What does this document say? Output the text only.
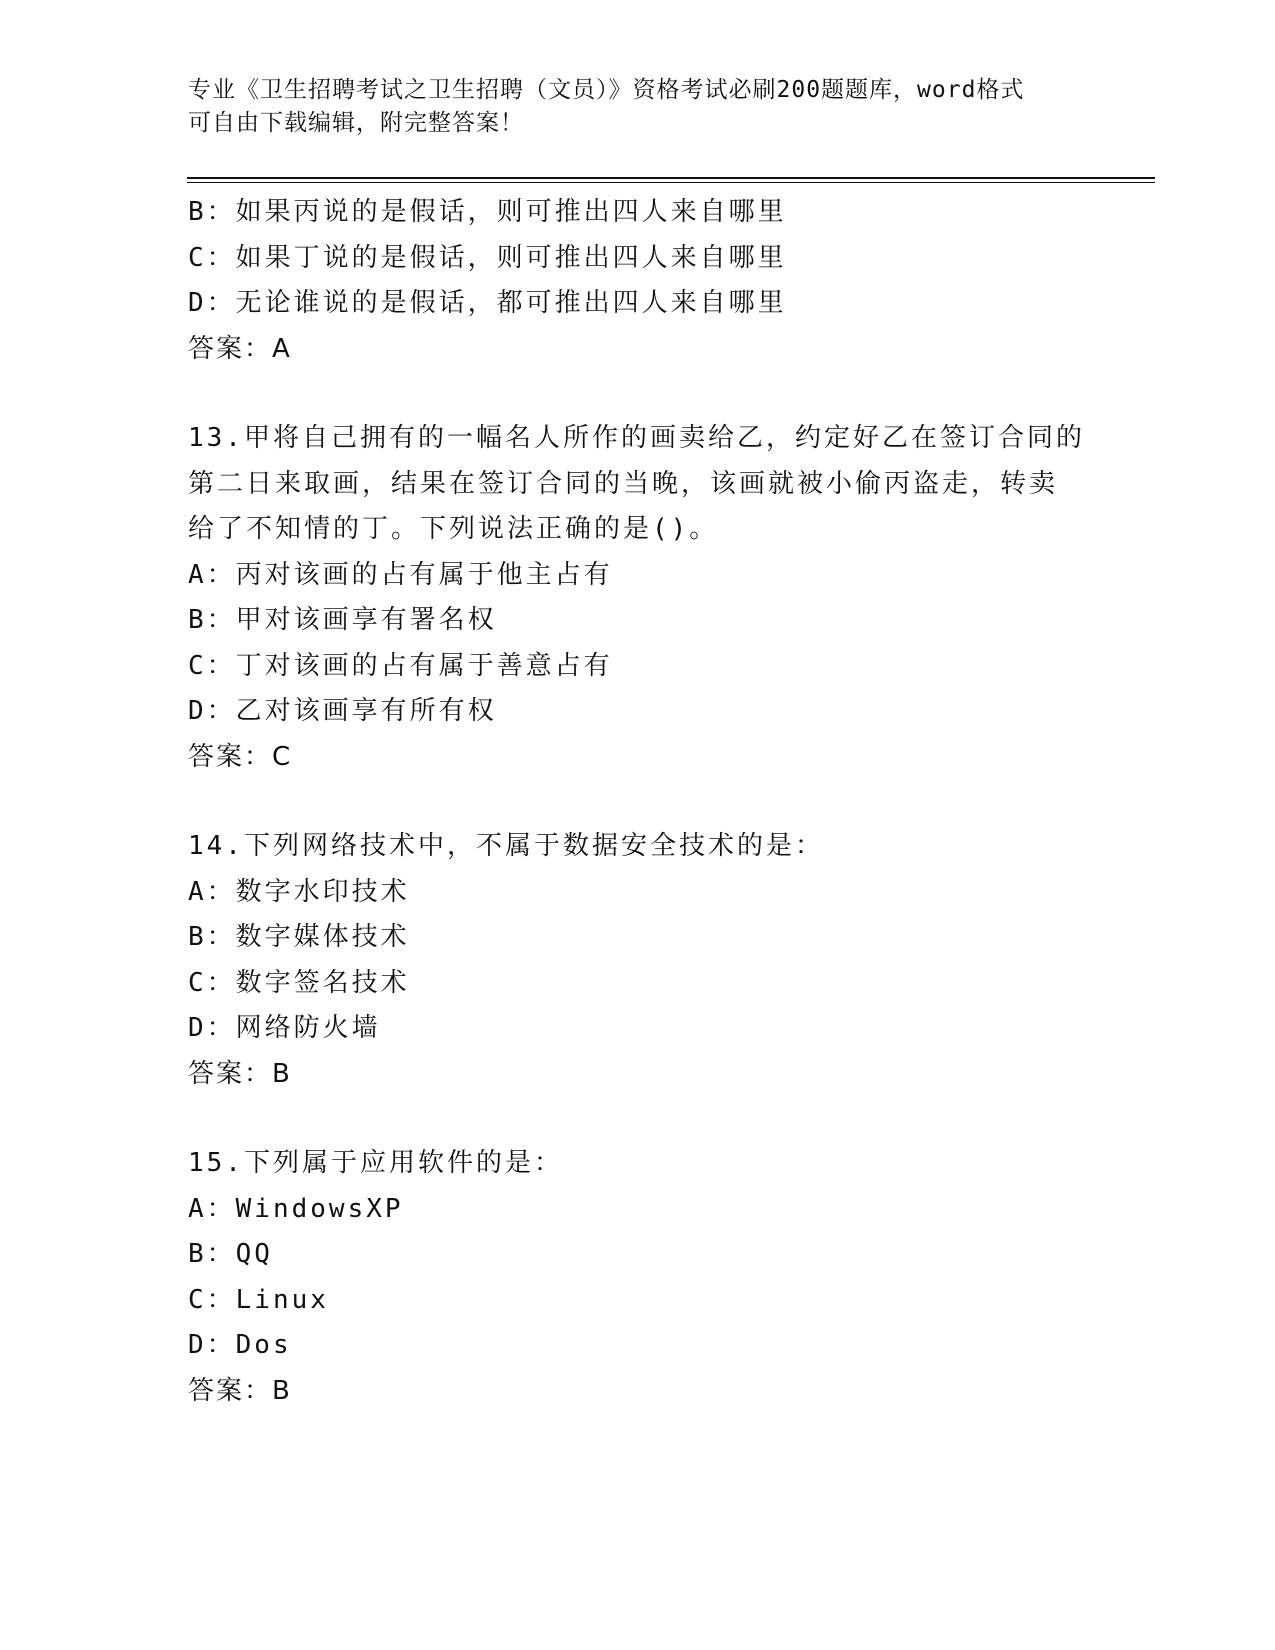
专业《卫生招聘考试之卫生招聘（文员）》资格考试必刷200题题库，word格式
可自由下载编辑，附完整答案！
B：如果丙说的是假话，则可推出四人来自哪里
C：如果丁说的是假话，则可推出四人来自哪里
D：无论谁说的是假话，都可推出四人来自哪里
答案：A
13.甲将自己拥有的一幅名人所作的画卖给乙，约定好乙在签订合同的
第二日来取画，结果在签订合同的当晚，该画就被小偷丙盗走，转卖
给了不知情的丁。下列说法正确的是()。
A：丙对该画的占有属于他主占有
B：甲对该画享有署名权
C：丁对该画的占有属于善意占有
D：乙对该画享有所有权
答案：C
14.下列网络技术中，不属于数据安全技术的是：
A：数字水印技术
B：数字媒体技术
C：数字签名技术
D：网络防火墙
答案：B
15.下列属于应用软件的是：
A：WindowsXP
B：QQ
C：Linux
D：Dos
答案：B
